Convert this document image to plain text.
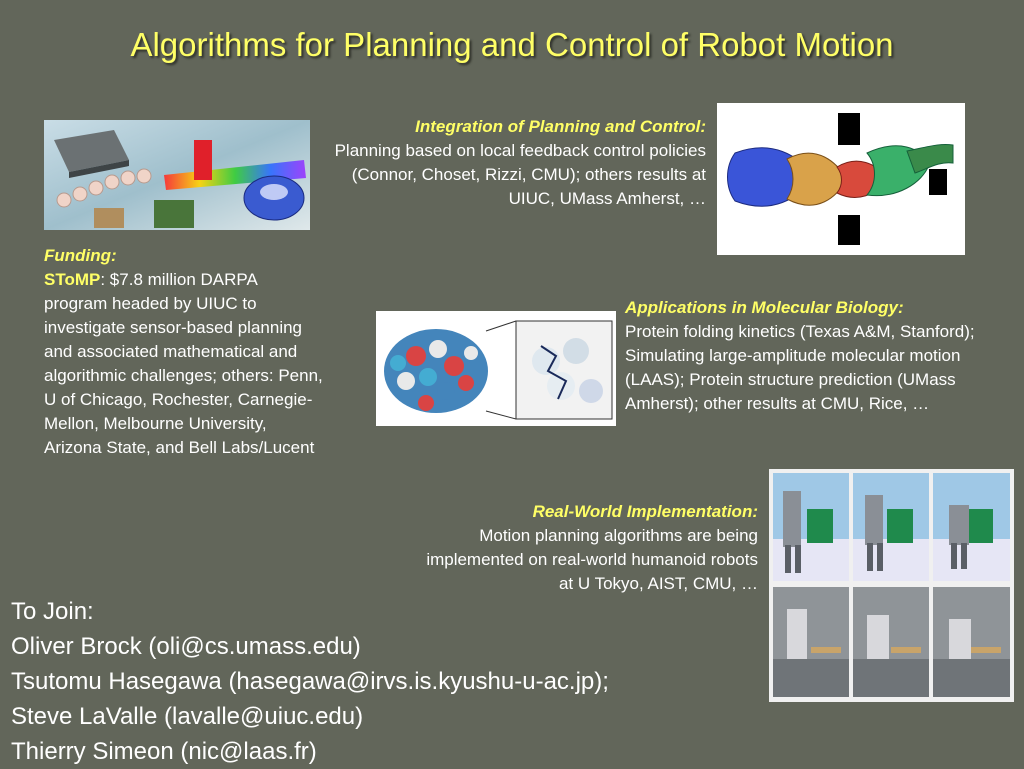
Algorithms for Planning and Control of Robot Motion
Integration of Planning and Control:
Planning based on local feedback control policies (Connor, Choset, Rizzi, CMU); others results at UIUC, UMass Amherst, …
Funding:
SToMP: $7.8 million DARPA program headed by UIUC to investigate sensor-based planning and associated mathematical and algorithmic challenges; others: Penn, U of Chicago, Rochester, Carnegie-Mellon, Melbourne University, Arizona State, and Bell Labs/Lucent
Applications in Molecular Biology:
Protein folding kinetics (Texas A&M, Stanford); Simulating large-amplitude molecular motion (LAAS); Protein structure prediction (UMass Amherst); other results at CMU, Rice, …
Real-World Implementation:
Motion planning algorithms are being implemented on real-world humanoid robots at U Tokyo, AIST, CMU, …
To Join:
Oliver Brock (oli@cs.umass.edu)
Tsutomu Hasegawa (hasegawa@irvs.is.kyushu-u-ac.jp);
Steve LaValle (lavalle@uiuc.edu)
Thierry Simeon (nic@laas.fr)
